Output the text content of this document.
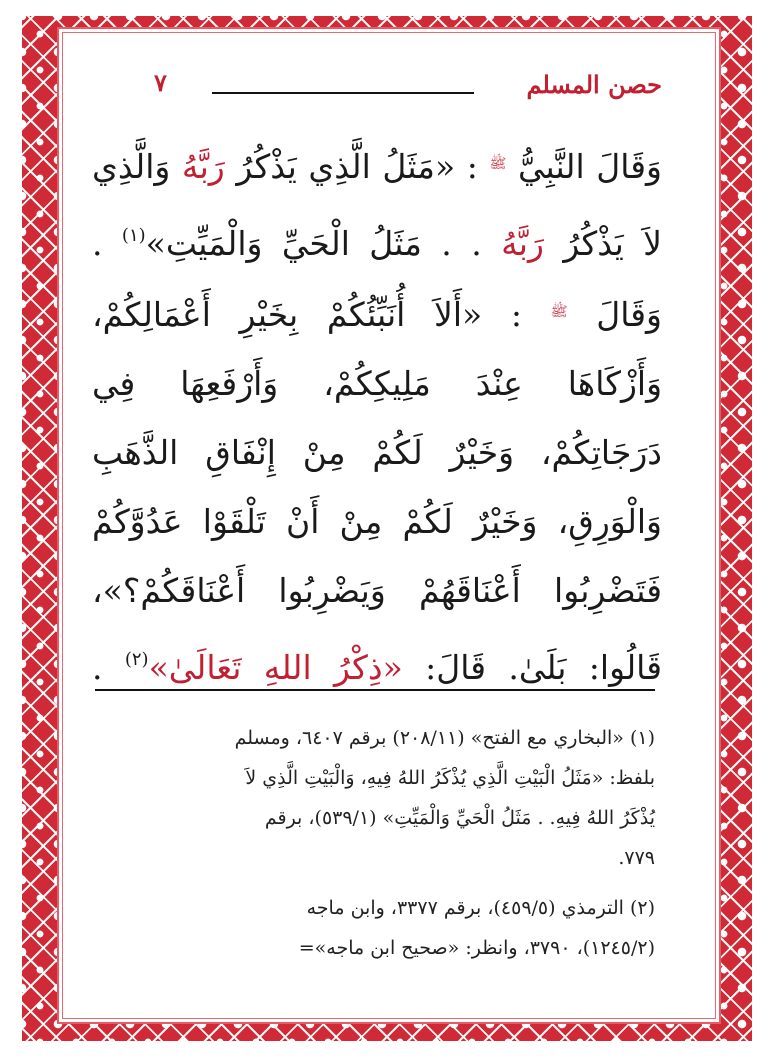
حصن المسلم
٧
وَقَالَ النَّبِيُّ $^ﷺ$ : «مَثَلُ الَّذِي يَذْكُرُ رَبَّهُ وَالَّذِي
لاَ يَذْكُرُ رَبَّهُ . . مَثَلُ الْحَيِّ وَالْمَيِّتِ»$^{(١)}$ .
وَقَالَ $^ﷺ$ : «أَلاَ أُنَبِّئُكُمْ بِخَيْرِ أَعْمَالِكُمْ،
وَأَزْكَاهَا عِنْدَ مَلِيكِكُمْ، وَأَرْفَعِهَا فِي
دَرَجَاتِكُمْ، وَخَيْرٌ لَكُمْ مِنْ إِنْفَاقِ الذَّهَبِ
وَالْوَرِقِ، وَخَيْرٌ لَكُمْ مِنْ أَنْ تَلْقَوْا عَدُوَّكُمْ
فَتَضْرِبُوا أَعْنَاقَهُمْ وَيَضْرِبُوا أَعْنَاقَكُمْ؟»،
قَالُوا: بَلَىٰ. قَالَ: «ذِكْرُ اللهِ تَعَالَىٰ»$^{(٢)}$ .
(١) «البخاري مع الفتح» (٢٠٨/١١) برقم ٦٤٠٧، ومسلم
بلفظ: «مَثَلُ الْبَيْتِ الَّذِي يُذْكَرُ اللهُ فِيهِ، وَالْبَيْتِ الَّذِي لاَ
يُذْكَرُ اللهُ فِيهِ. . مَثَلُ الْحَيِّ وَالْمَيِّتِ» (٥٣٩/١)، برقم
٧٧٩.
(٢) الترمذي (٤٥٩/٥)، برقم ٣٣٧٧، وابن ماجه
(١٢٤٥/٢)، ٣٧٩٠، وانظر: «صحيح ابن ماجه»=
